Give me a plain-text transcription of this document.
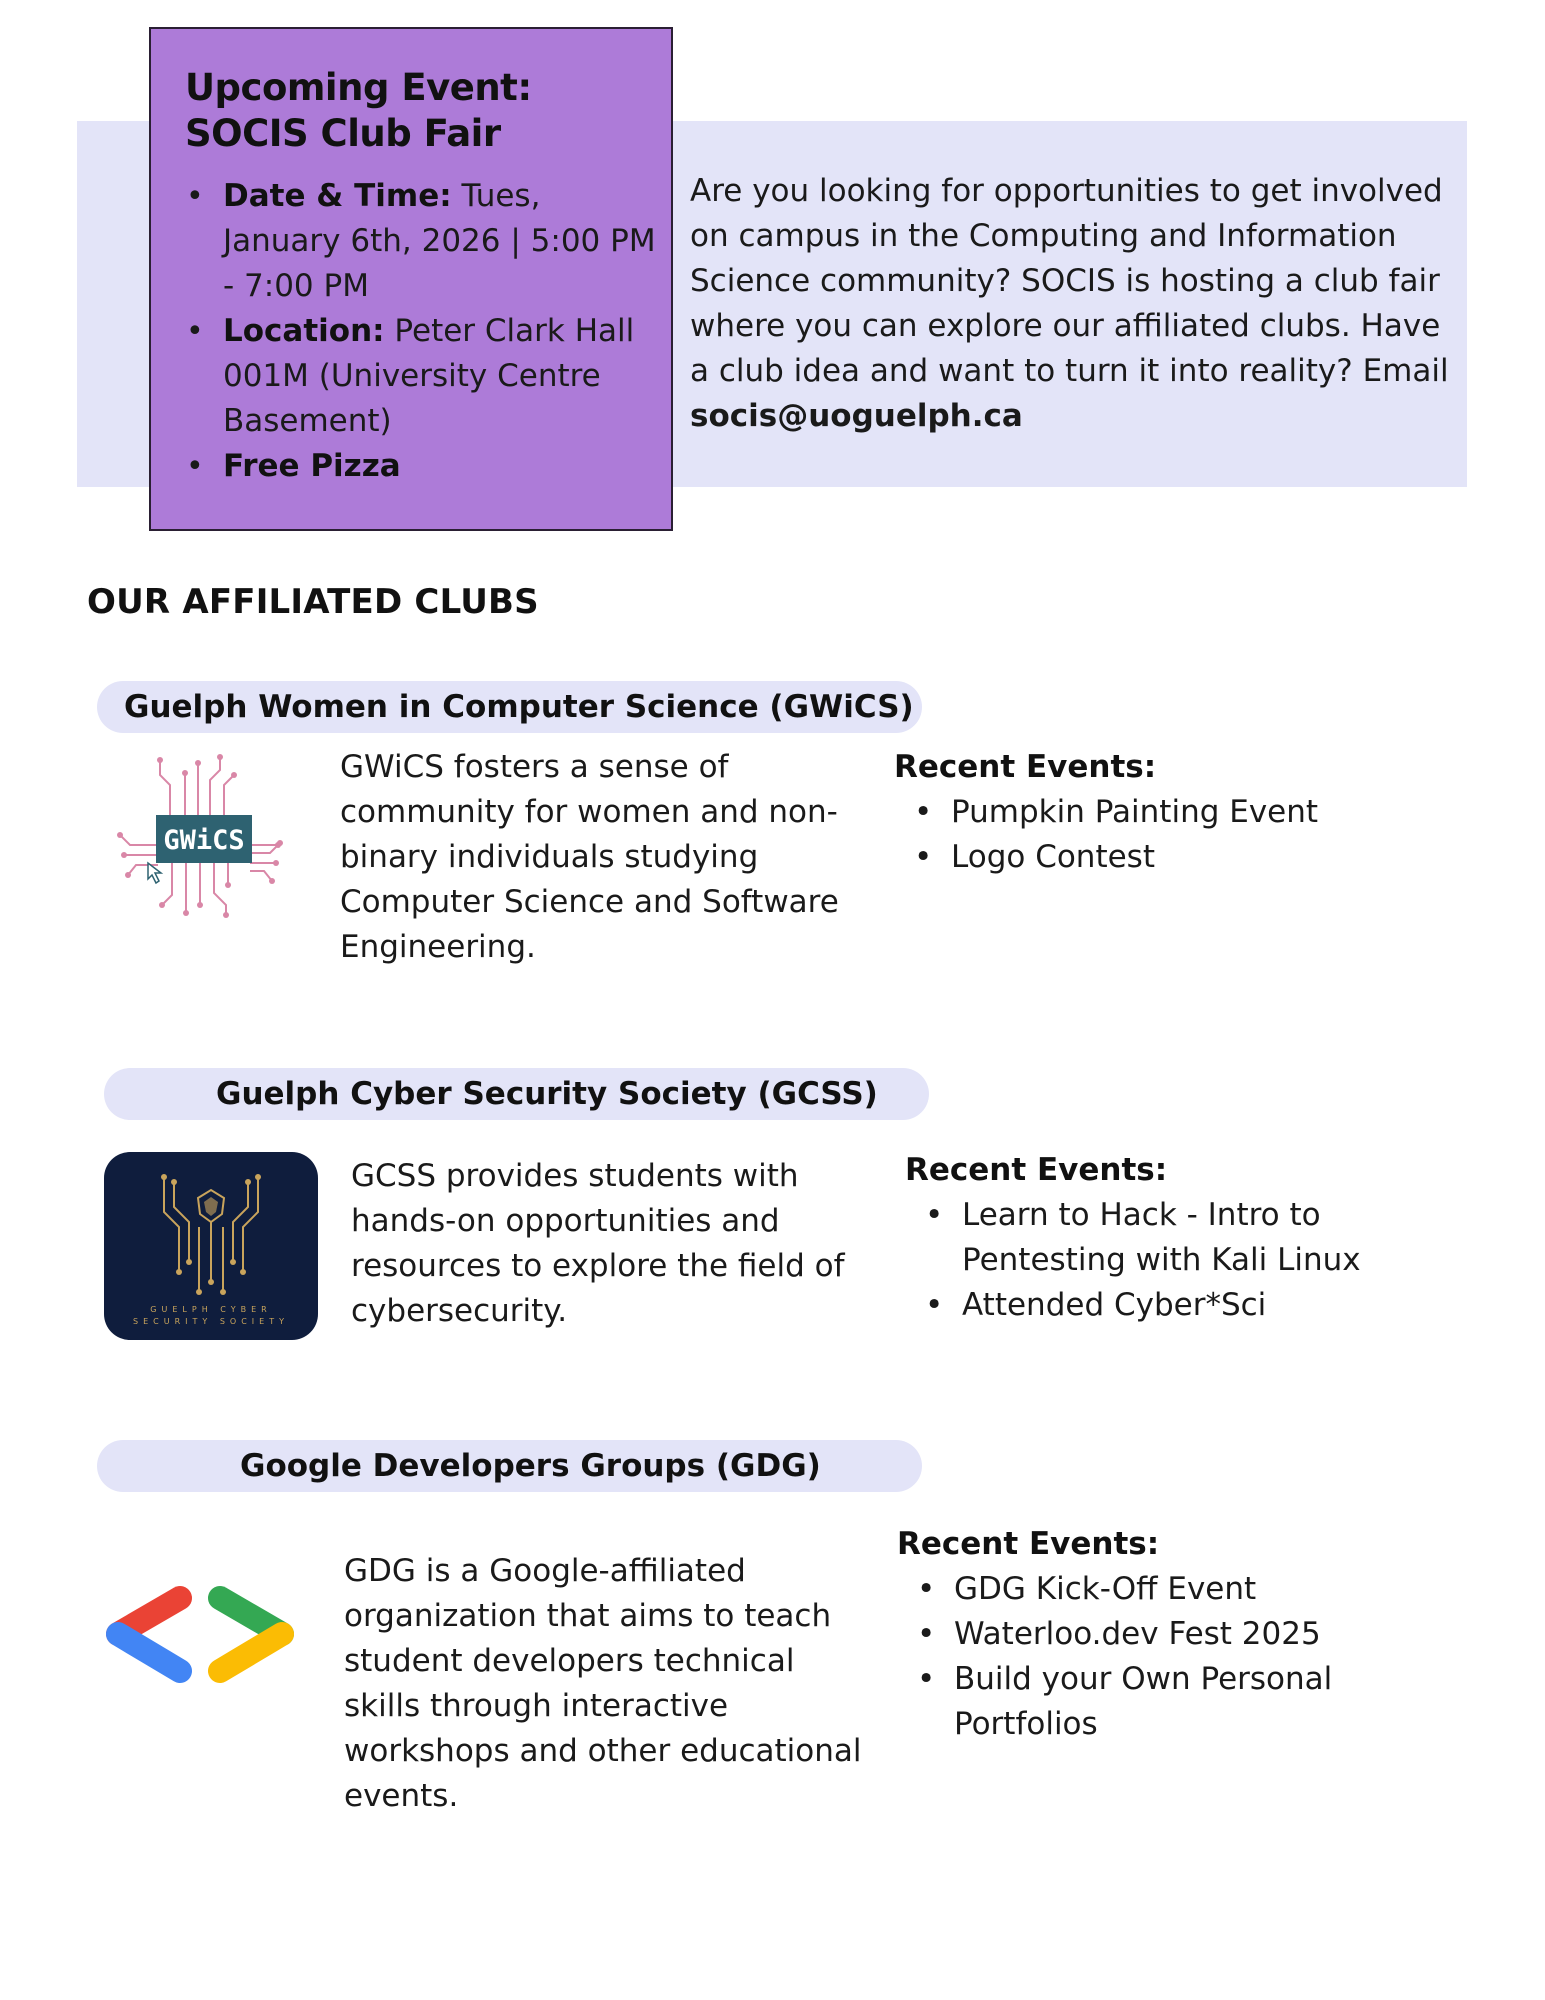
Upcoming Event:
SOCIS Club Fair
• Date & Time: Tues, January 6th, 2026 | 5:00 PM - 7:00 PM
• Location: Peter Clark Hall 001M (University Centre Basement)
• Free Pizza
Are you looking for opportunities to get involved on campus in the Computing and Information Science community? SOCIS is hosting a club fair where you can explore our affiliated clubs. Have a club idea and want to turn it into reality? Email socis@uoguelph.ca
OUR AFFILIATED CLUBS
Guelph Women in Computer Science (GWiCS)
GWiCS
GWiCS fosters a sense of community for women and non-binary individuals studying Computer Science and Software Engineering.
Recent Events:
• Pumpkin Painting Event
• Logo Contest
Guelph Cyber Security Society (GCSS)
GUELPH CYBER
SECURITY SOCIETY
GCSS provides students with hands-on opportunities and resources to explore the field of cybersecurity.
Recent Events:
• Learn to Hack - Intro to Pentesting with Kali Linux
• Attended Cyber*Sci
Google Developers Groups (GDG)
GDG is a Google-affiliated organization that aims to teach student developers technical skills through interactive workshops and other educational events.
Recent Events:
• GDG Kick-Off Event
• Waterloo.dev Fest 2025
• Build your Own Personal Portfolios
